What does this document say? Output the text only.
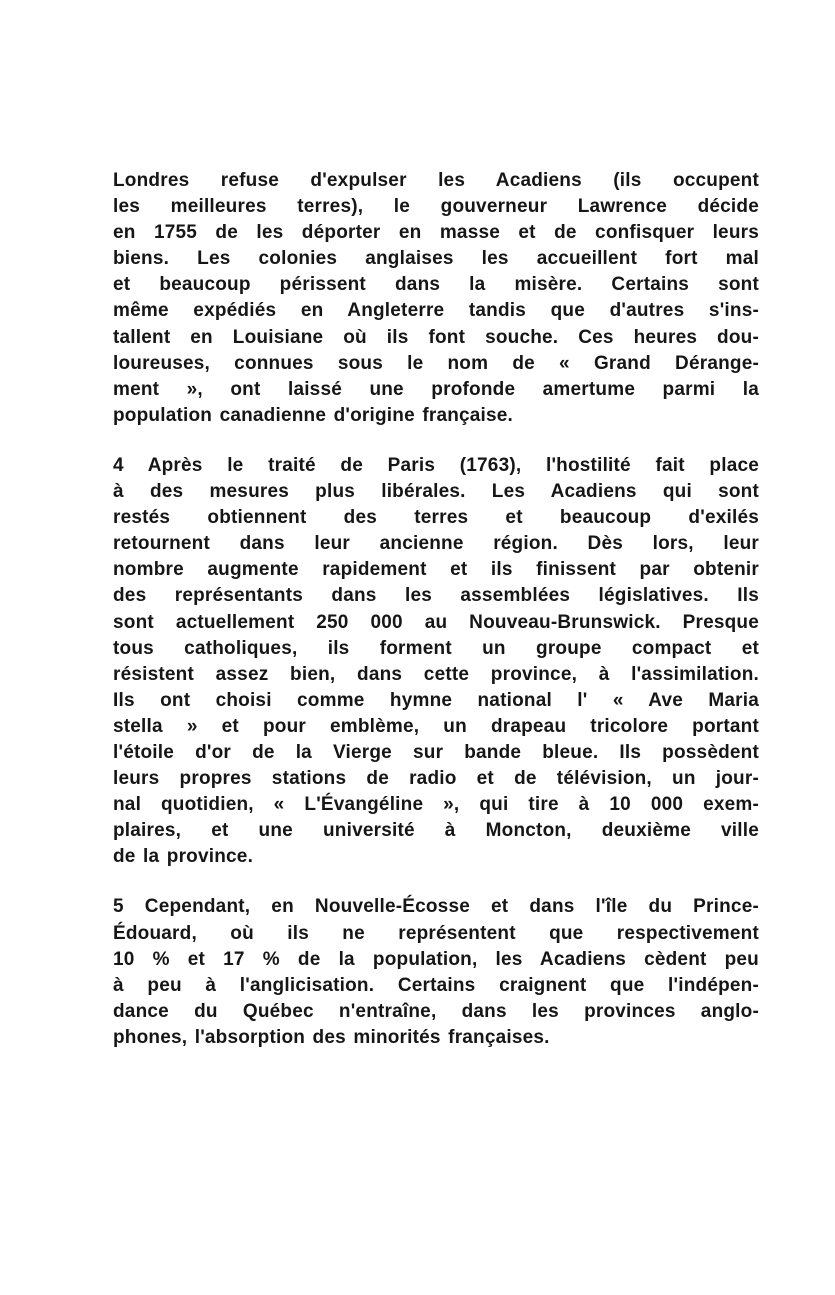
Londres refuse d'expulser les Acadiens (ils occupent
les meilleures terres), le gouverneur Lawrence décide
en 1755 de les déporter en masse et de confisquer leurs
biens. Les colonies anglaises les accueillent fort mal
et beaucoup périssent dans la misère. Certains sont
même expédiés en Angleterre tandis que d'autres s'ins-
tallent en Louisiane où ils font souche. Ces heures dou-
loureuses, connues sous le nom de « Grand Dérange-
ment », ont laissé une profonde amertume parmi la
population canadienne d'origine française.

4 Après le traité de Paris (1763), l'hostilité fait place
à des mesures plus libérales. Les Acadiens qui sont
restés obtiennent des terres et beaucoup d'exilés
retournent dans leur ancienne région. Dès lors, leur
nombre augmente rapidement et ils finissent par obtenir
des représentants dans les assemblées législatives. Ils
sont actuellement 250 000 au Nouveau-Brunswick. Presque
tous catholiques, ils forment un groupe compact et
résistent assez bien, dans cette province, à l'assimilation.
Ils ont choisi comme hymne national l' « Ave Maria
stella » et pour emblème, un drapeau tricolore portant
l'étoile d'or de la Vierge sur bande bleue. Ils possèdent
leurs propres stations de radio et de télévision, un jour-
nal quotidien, « L'Évangéline », qui tire à 10 000 exem-
plaires, et une université à Moncton, deuxième ville
de la province.

5 Cependant, en Nouvelle-Écosse et dans l'île du Prince-
Édouard, où ils ne représentent que respectivement
10 % et 17 % de la population, les Acadiens cèdent peu
à peu à l'anglicisation. Certains craignent que l'indépen-
dance du Québec n'entraîne, dans les provinces anglo-
phones, l'absorption des minorités françaises.
